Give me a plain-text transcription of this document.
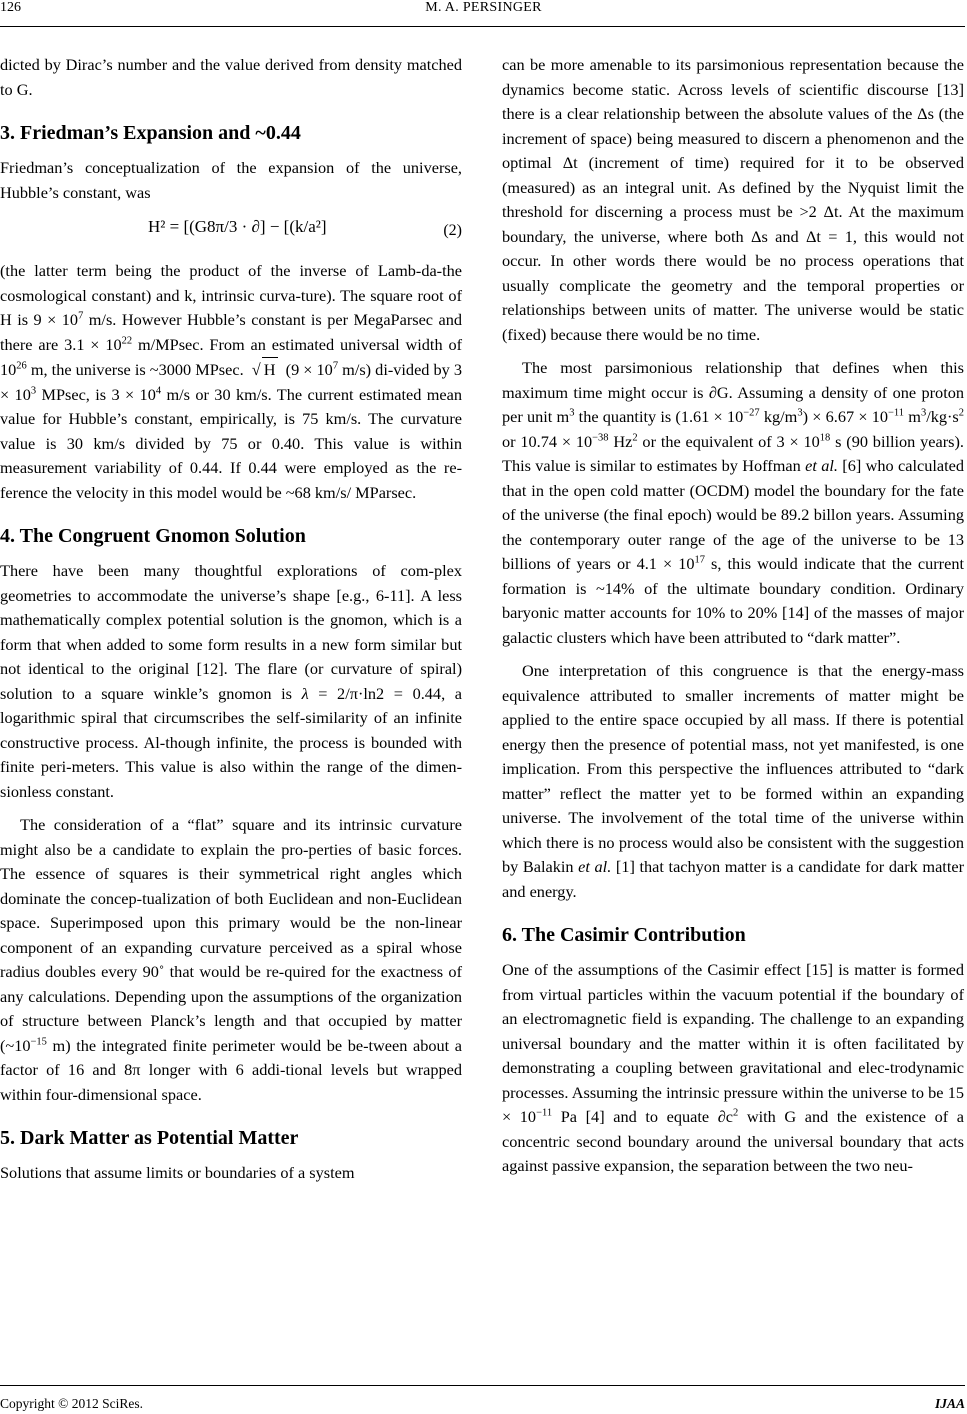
126	M. A. PERSINGER

dicted by Dirac’s number and the value derived from density matched to G.

3. Friedman’s Expansion and ~0.44

Friedman’s conceptualization of the expansion of the universe, Hubble’s constant, was

H² = [(G8π/3 · ∂] − [(k/a²]	(2)

(the latter term being the product of the inverse of Lamb-da-the cosmological constant) and k, intrinsic curva-ture). The square root of H is $9 \times 10^7$ m/s. However Hubble’s constant is per MegaParsec and there are $3.1 \times 10^{22}$ m/MPsec. From an estimated universal width of $10^{26}$ m, the universe is ~3000 MPsec.  √ H  ($9 \times 10^7$ m/s) di-vided by $3 \times 10^3$ MPsec, is $3 \times 10^4$ m/s or 30 km/s. The current estimated mean value for Hubble’s constant, empirically, is 75 km/s. The curvature value is 30 km/s divided by 75 or 0.40. This value is within measurement variability of 0.44. If 0.44 were employed as the re-ference the velocity in this model would be ~68 km/s/ MParsec.

4. The Congruent Gnomon Solution

There have been many thoughtful explorations of com-plex geometries to accommodate the universe’s shape [e.g., 6-11]. A less mathematically complex potential solution is the gnomon, which is a form that when added to some form results in a new form similar but not identical to the original [12]. The flare (or curvature of spiral) solution to a square winkle’s gnomon is λ = 2/π·ln2 = 0.44, a logarithmic spiral that circumscribes the self-similarity of an infinite constructive process. Al-though infinite, the process is bounded with finite peri-meters. This value is also within the range of the dimen-sionless constant.

The consideration of a “flat” square and its intrinsic curvature might also be a candidate to explain the pro-perties of basic forces. The essence of squares is their symmetrical right angles which dominate the concep-tualization of both Euclidean and non-Euclidean space. Superimposed upon this primary would be the non-linear component of an expanding curvature perceived as a spiral whose radius doubles every 90˚ that would be re-quired for the exactness of any calculations. Depending upon the assumptions of the organization of structure between Planck’s length and that occupied by matter ($\sim 10^{-15}$ m) the integrated finite perimeter would be be-tween about a factor of 16 and 8π longer with 6 addi-tional levels but wrapped within four-dimensional space.

5. Dark Matter as Potential Matter

Solutions that assume limits or boundaries of a system

can be more amenable to its parsimonious representation because the dynamics become static. Across levels of scientific discourse [13] there is a clear relationship between the absolute values of the Δs (the increment of space) being measured to discern a phenomenon and the optimal Δt (increment of time) required for it to be observed (measured) as an integral unit. As defined by the Nyquist limit the threshold for discerning a process must be >2 Δt. At the maximum boundary, the universe, where both Δs and Δt = 1, this would not occur. In other words there would be no process operations that usually complicate the geometry and the temporal properties or relationships between units of matter. The universe would be static (fixed) because there would be no time.

The most parsimonious relationship that defines when this maximum time might occur is ∂G. Assuming a density of one proton per unit $m^3$ the quantity is ($1.61 \times 10^{-27}$ $kg/m^3) \times 6.67 \times 10^{-11}$ $m^3/kg\cdot s^2$ or $10.74 \times 10^{-38}$ Hz$^2$ or the equivalent of $3 \times 10^{18}$ s (90 billion years). This value is similar to estimates by Hoffman et al. [6] who calculated that in the open cold matter (OCDM) model the boundary for the fate of the universe (the final epoch) would be 89.2 billon years. Assuming the contemporary outer range of the age of the universe to be 13 billions of years or $4.1 \times 10^{17}$ s, this would indicate that the current formation is ~14% of the ultimate boundary condition. Ordinary baryonic matter accounts for 10% to 20% [14] of the masses of major galactic clusters which have been attributed to “dark matter”.

One interpretation of this congruence is that the energy-mass equivalence attributed to smaller increments of matter might be applied to the entire space occupied by all mass. If there is potential energy then the presence of potential mass, not yet manifested, is one implication. From this perspective the influences attributed to “dark matter” reflect the matter yet to be formed within an expanding universe. The involvement of the total time of the universe within which there is no process would also be consistent with the suggestion by Balakin et al. [1] that tachyon matter is a candidate for dark matter and energy.

6. The Casimir Contribution

One of the assumptions of the Casimir effect [15] is matter is formed from virtual particles within the vacuum potential if the boundary of an electromagnetic field is expanding. The challenge to an expanding universal boundary and the matter within it is often facilitated by demonstrating a coupling between gravitational and elec-trodynamic processes. Assuming the intrinsic pressure within the universe to be $15 \times 10^{-11}$ Pa [4] and to equate $\partial c^2$ with G and the existence of a concentric second boundary around the universal boundary that acts against passive expansion, the separation between the two neu-

Copyright © 2012 SciRes.	IJAA
